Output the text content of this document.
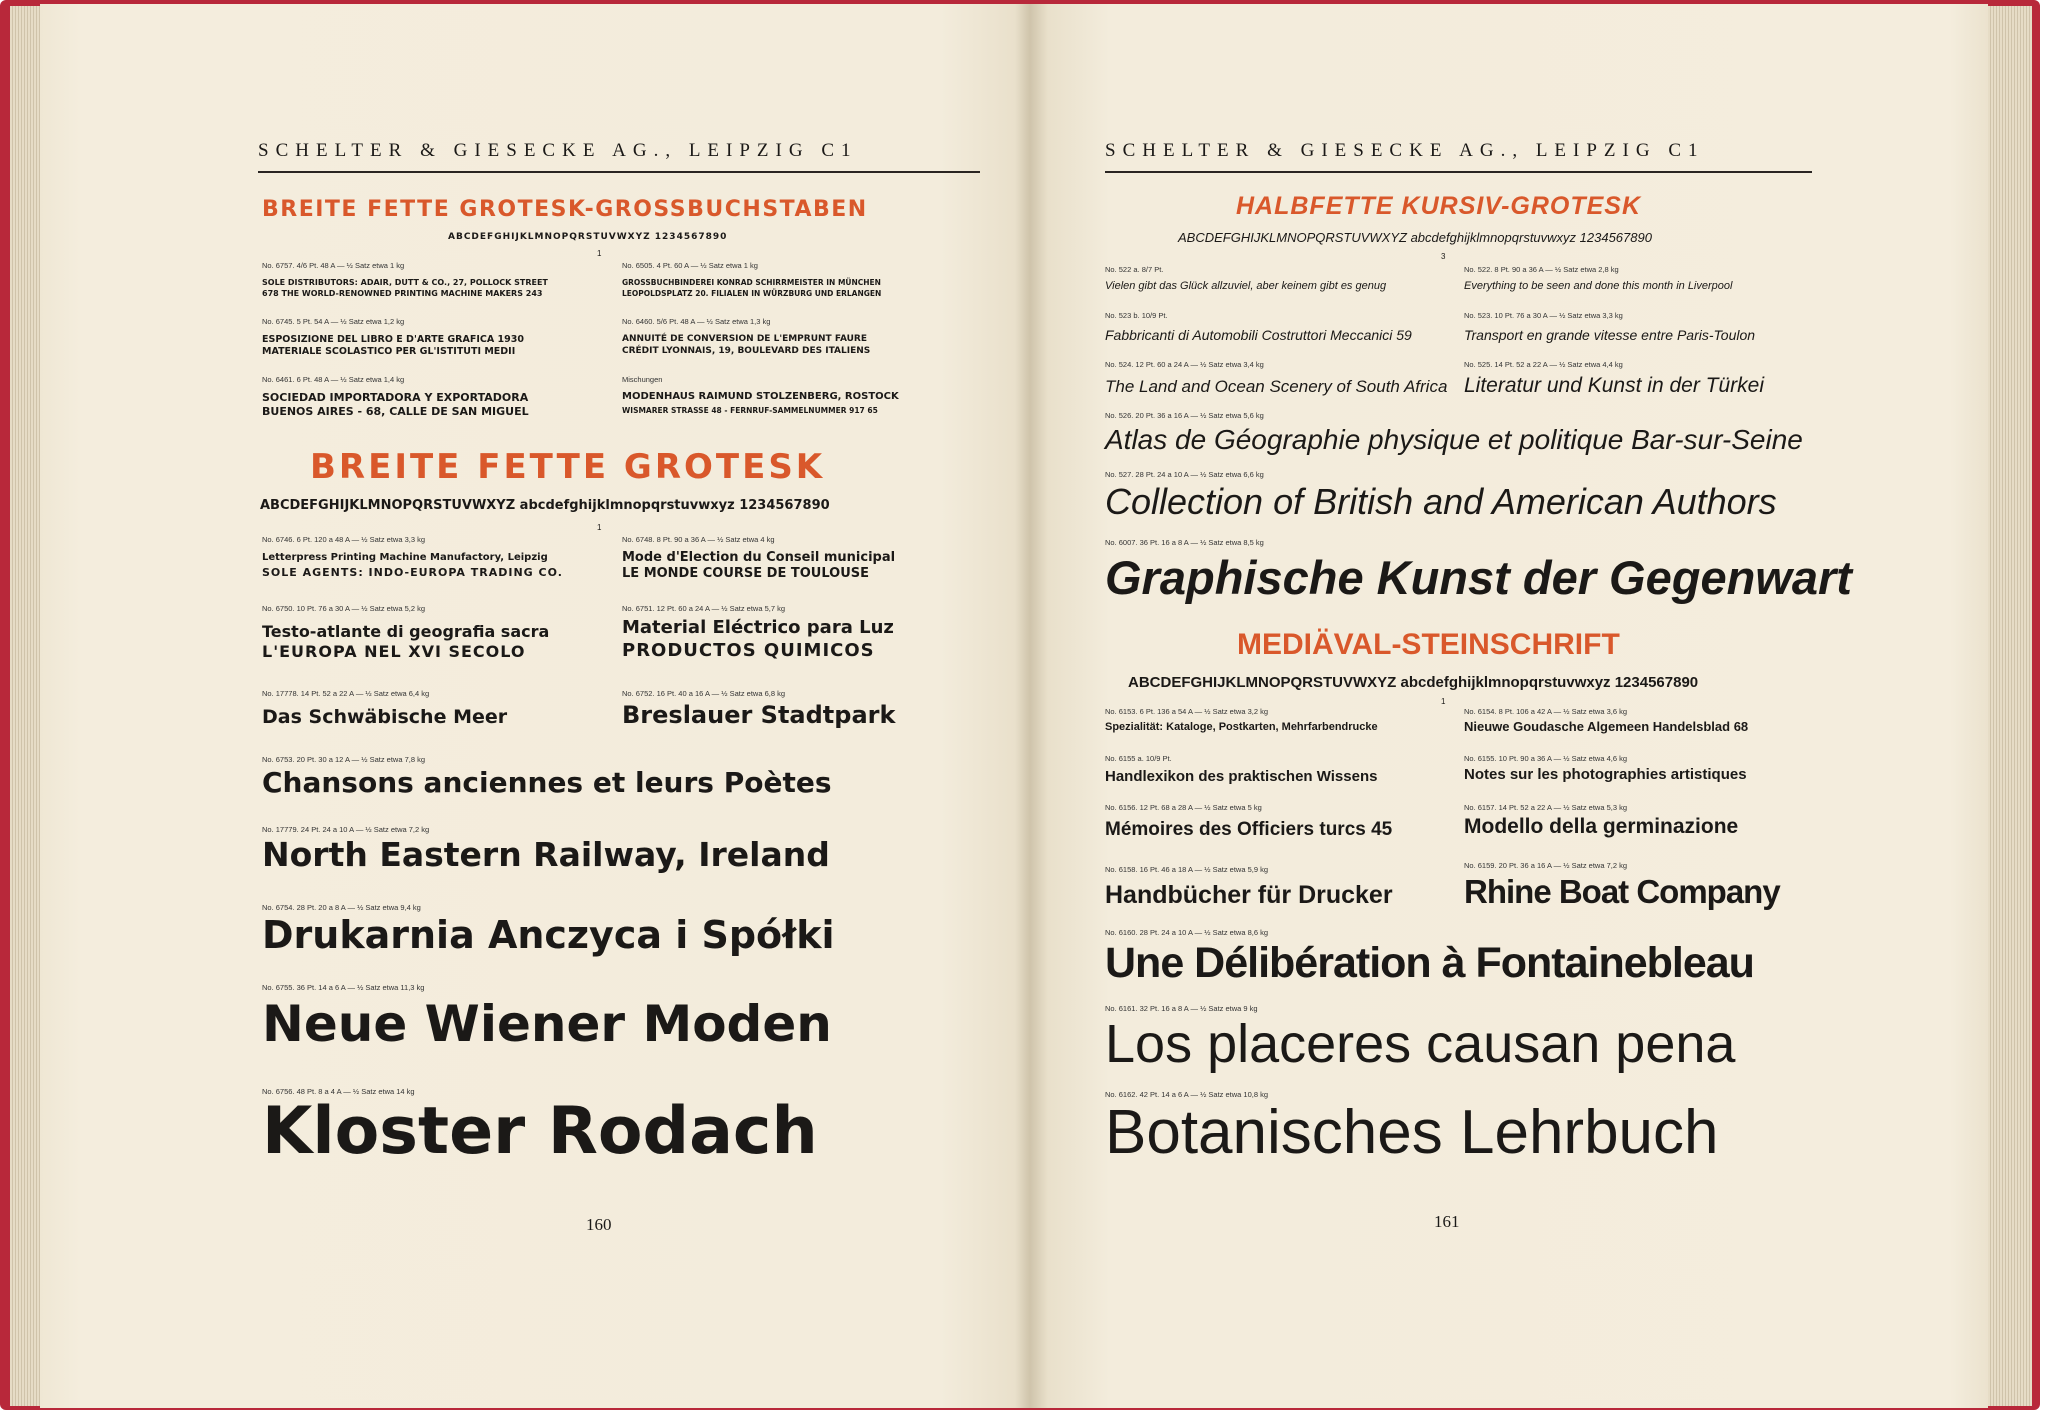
SCHELTER & GIESECKE AG., LEIPZIG C1
BREITE FETTE GROTESK-GROSSBUCHSTABEN
ABCDEFGHIJKLMNOPQRSTUVWXYZ 1234567890
1
No. 6757. 4/6 Pt. 48 A — ½ Satz etwa 1 kg
SOLE DISTRIBUTORS: ADAIR, DUTT & CO., 27, POLLOCK STREET
678 THE WORLD-RENOWNED PRINTING MACHINE MAKERS 243
No. 6505. 4 Pt. 60 A — ½ Satz etwa 1 kg
GROSSBUCHBINDEREI KONRAD SCHIRRMEISTER IN MÜNCHEN
LEOPOLDSPLATZ 20. FILIALEN IN WÜRZBURG UND ERLANGEN
No. 6745. 5 Pt. 54 A — ½ Satz etwa 1,2 kg
ESPOSIZIONE DEL LIBRO E D'ARTE GRAFICA 1930
MATERIALE SCOLASTICO PER GL'ISTITUTI MEDII
No. 6460. 5/6 Pt. 48 A — ½ Satz etwa 1,3 kg
ANNUITÉ DE CONVERSION DE L'EMPRUNT FAURE
CRÉDIT LYONNAIS, 19, BOULEVARD DES ITALIENS
No. 6461. 6 Pt. 48 A — ½ Satz etwa 1,4 kg
SOCIEDAD IMPORTADORA Y EXPORTADORA
BUENOS AIRES - 68, CALLE DE SAN MIGUEL
Mischungen
MODENHAUS RAIMUND STOLZENBERG, ROSTOCK
WISMARER STRASSE 48 - FERNRUF-SAMMELNUMMER 917 65
BREITE FETTE GROTESK
ABCDEFGHIJKLMNOPQRSTUVWXYZ abcdefghijklmnopqrstuvwxyz 1234567890
1
No. 6746. 6 Pt. 120 a 48 A — ½ Satz etwa 3,3 kg
Letterpress Printing Machine Manufactory, Leipzig
SOLE AGENTS: INDO-EUROPA TRADING CO.
No. 6748. 8 Pt. 90 a 36 A — ½ Satz etwa 4 kg
Mode d'Election du Conseil municipal
LE MONDE COURSE DE TOULOUSE
No. 6750. 10 Pt. 76 a 30 A — ½ Satz etwa 5,2 kg
Testo-atlante di geografia sacra
L'EUROPA NEL XVI SECOLO
No. 6751. 12 Pt. 60 a 24 A — ½ Satz etwa 5,7 kg
Material Eléctrico para Luz
PRODUCTOS QUIMICOS
No. 17778. 14 Pt. 52 a 22 A — ½ Satz etwa 6,4 kg
Das Schwäbische Meer
No. 6752. 16 Pt. 40 a 16 A — ½ Satz etwa 6,8 kg
Breslauer Stadtpark
No. 6753. 20 Pt. 30 a 12 A — ½ Satz etwa 7,8 kg
Chansons anciennes et leurs Poètes
No. 17779. 24 Pt. 24 a 10 A — ½ Satz etwa 7,2 kg
North Eastern Railway, Ireland
No. 6754. 28 Pt. 20 a 8 A — ½ Satz etwa 9,4 kg
Drukarnia Anczyca i Spółki
No. 6755. 36 Pt. 14 a 6 A — ½ Satz etwa 11,3 kg
Neue Wiener Moden
No. 6756. 48 Pt. 8 a 4 A — ½ Satz etwa 14 kg
Kloster Rodach
160
SCHELTER & GIESECKE AG., LEIPZIG C1
HALBFETTE KURSIV-GROTESK
ABCDEFGHIJKLMNOPQRSTUVWXYZ abcdefghijklmnopqrstuvwxyz 1234567890
3
No. 522 a. 8/7 Pt.
Vielen gibt das Glück allzuviel, aber keinem gibt es genug
No. 522. 8 Pt. 90 a 36 A — ½ Satz etwa 2,8 kg
Everything to be seen and done this month in Liverpool
No. 523 b. 10/9 Pt.
Fabbricanti di Automobili Costruttori Meccanici 59
No. 523. 10 Pt. 76 a 30 A — ½ Satz etwa 3,3 kg
Transport en grande vitesse entre Paris-Toulon
No. 524. 12 Pt. 60 a 24 A — ½ Satz etwa 3,4 kg
The Land and Ocean Scenery of South Africa
No. 525. 14 Pt. 52 a 22 A — ½ Satz etwa 4,4 kg
Literatur und Kunst in der Türkei
No. 526. 20 Pt. 36 a 16 A — ½ Satz etwa 5,6 kg
Atlas de Géographie physique et politique Bar-sur-Seine
No. 527. 28 Pt. 24 a 10 A — ½ Satz etwa 6,6 kg
Collection of British and American Authors
No. 6007. 36 Pt. 16 a 8 A — ½ Satz etwa 8,5 kg
Graphische Kunst der Gegenwart
MEDIÄVAL-STEINSCHRIFT
ABCDEFGHIJKLMNOPQRSTUVWXYZ abcdefghijklmnopqrstuvwxyz 1234567890
1
No. 6153. 6 Pt. 136 a 54 A — ½ Satz etwa 3,2 kg
Spezialität: Kataloge, Postkarten, Mehrfarbendrucke
No. 6154. 8 Pt. 106 a 42 A — ½ Satz etwa 3,6 kg
Nieuwe Goudasche Algemeen Handelsblad 68
No. 6155 a. 10/9 Pt.
Handlexikon des praktischen Wissens
No. 6155. 10 Pt. 90 a 36 A — ½ Satz etwa 4,6 kg
Notes sur les photographies artistiques
No. 6156. 12 Pt. 68 a 28 A — ½ Satz etwa 5 kg
Mémoires des Officiers turcs 45
No. 6157. 14 Pt. 52 a 22 A — ½ Satz etwa 5,3 kg
Modello della germinazione
No. 6158. 16 Pt. 46 a 18 A — ½ Satz etwa 5,9 kg
Handbücher für Drucker
No. 6159. 20 Pt. 36 a 16 A — ½ Satz etwa 7,2 kg
Rhine Boat Company
No. 6160. 28 Pt. 24 a 10 A — ½ Satz etwa 8,6 kg
Une Délibération à Fontainebleau
No. 6161. 32 Pt. 16 a 8 A — ½ Satz etwa 9 kg
Los placeres causan pena
No. 6162. 42 Pt. 14 a 6 A — ½ Satz etwa 10,8 kg
Botanisches Lehrbuch
161
